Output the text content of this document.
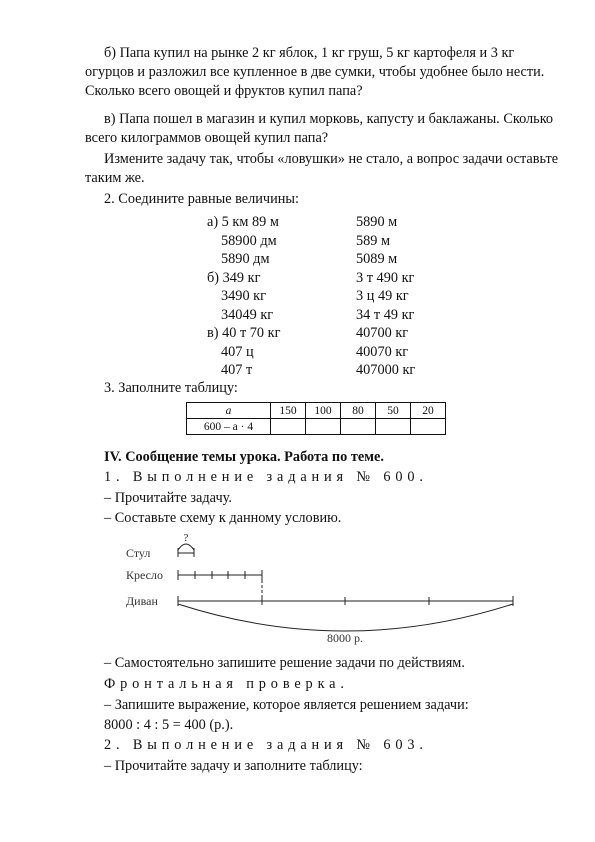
б) Папа купил на рынке 2 кг яблок, 1 кг груш, 5 кг картофеля и 3 кг
огурцов и разложил все купленное в две сумки, чтобы удобнее было нести.
Сколько всего овощей и фруктов купил папа?
в) Папа пошел в магазин и купил морковь, капусту и баклажаны. Сколько
всего килограммов овощей купил папа?
Измените задачу так, чтобы «ловушки» не стало, а вопрос задачи оставьте
таким же.
2. Соедините равные величины:
а) 5 км 89 м	5890 м
58900 дм	589 м
5890 дм	5089 м
б) 349 кг	3 т 490 кг
3490 кг	3 ц 49 кг
34049 кг	34 т 49 кг
в) 40 т 70 кг	40700 кг
407 ц	40070 кг
407 т	407000 кг
3. Заполните таблицу:
a	150	100	80	50	20
600 – a · 4					
IV. Сообщение темы урока. Работа по теме.
1. Выполнение задания № 600.
– Прочитайте задачу.
– Составьте схему к данному условию.
?
Стул
Кресло
Диван
8000 р.
– Самостоятельно запишите решение задачи по действиям.
Фронтальная проверка.
– Запишите выражение, которое является решением задачи:
8000 : 4 : 5 = 400 (р.).
2. Выполнение задания № 603.
– Прочитайте задачу и заполните таблицу:
